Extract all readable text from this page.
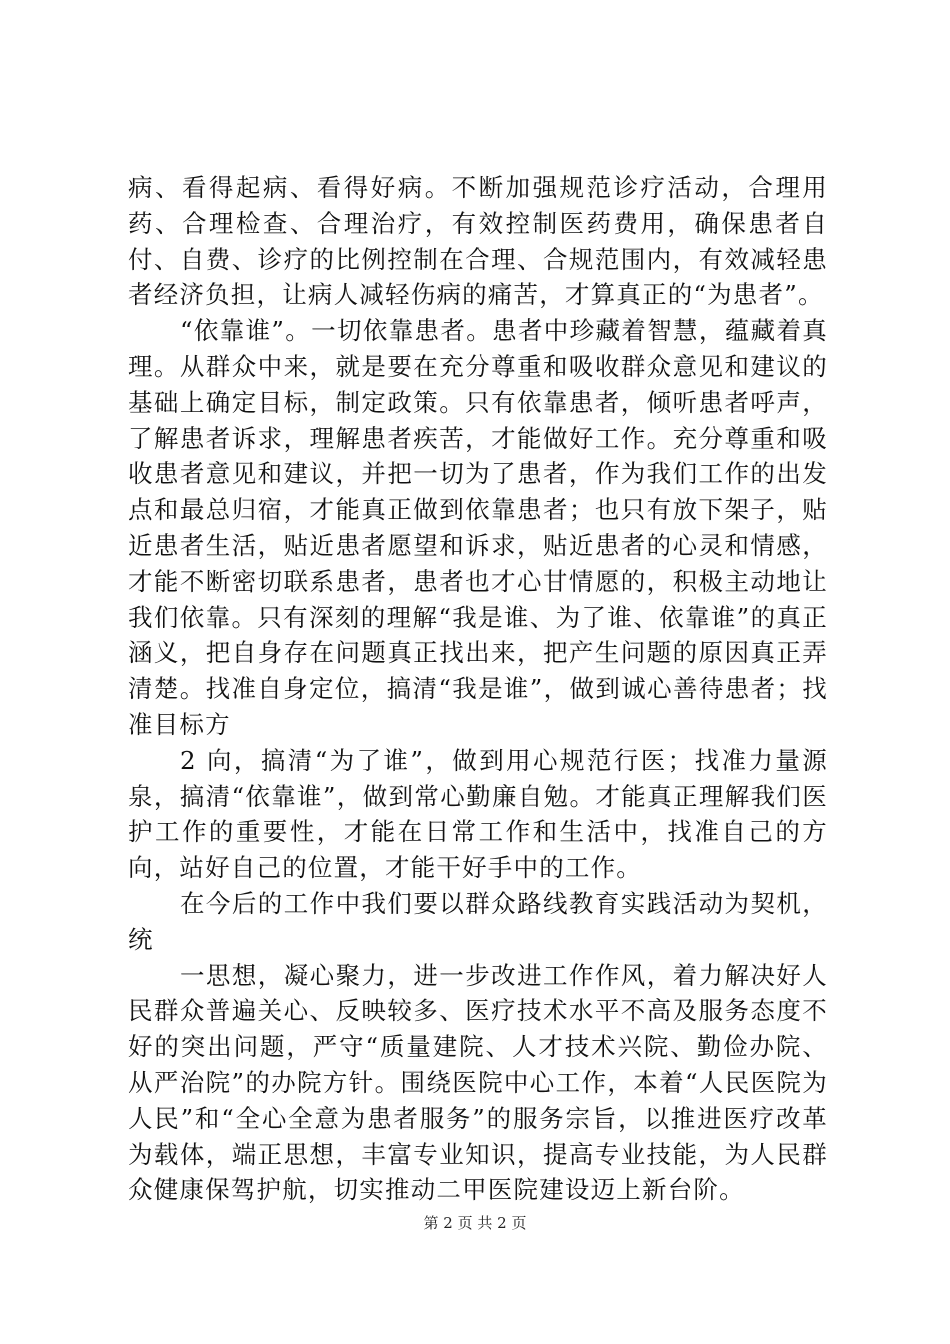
病、看得起病、看得好病。不断加强规范诊疗活动，合理用药、合理检查、合理治疗，有效控制医药费用，确保患者自付、自费、诊疗的比例控制在合理、合规范围内，有效减轻患者经济负担，让病人减轻伤病的痛苦，才算真正的“为患者”。

“依靠谁”。一切依靠患者。患者中珍藏着智慧，蕴藏着真理。从群众中来，就是要在充分尊重和吸收群众意见和建议的基础上确定目标，制定政策。只有依靠患者，倾听患者呼声，了解患者诉求，理解患者疾苦，才能做好工作。充分尊重和吸收患者意见和建议，并把一切为了患者，作为我们工作的出发点和最总归宿，才能真正做到依靠患者；也只有放下架子，贴近患者生活，贴近患者愿望和诉求，贴近患者的心灵和情感，才能不断密切联系患者，患者也才心甘情愿的，积极主动地让我们依靠。只有深刻的理解“我是谁、为了谁、依靠谁”的真正涵义，把自身存在问题真正找出来，把产生问题的原因真正弄清楚。找准自身定位，搞清“我是谁”，做到诚心善待患者；找准目标方

2 向，搞清“为了谁”，做到用心规范行医；找准力量源泉，搞清“依靠谁”，做到常心勤廉自勉。才能真正理解我们医护工作的重要性，才能在日常工作和生活中，找准自己的方向，站好自己的位置，才能干好手中的工作。

在今后的工作中我们要以群众路线教育实践活动为契机，统

一思想，凝心聚力，进一步改进工作作风，着力解决好人民群众普遍关心、反映较多、医疗技术水平不高及服务态度不好的突出问题，严守“质量建院、人才技术兴院、勤俭办院、从严治院”的办院方针。围绕医院中心工作，本着“人民医院为人民”和“全心全意为患者服务”的服务宗旨，以推进医疗改革为载体，端正思想，丰富专业知识，提高专业技能，为人民群众健康保驾护航，切实推动二甲医院建设迈上新台阶。

第 2 页 共 2 页
